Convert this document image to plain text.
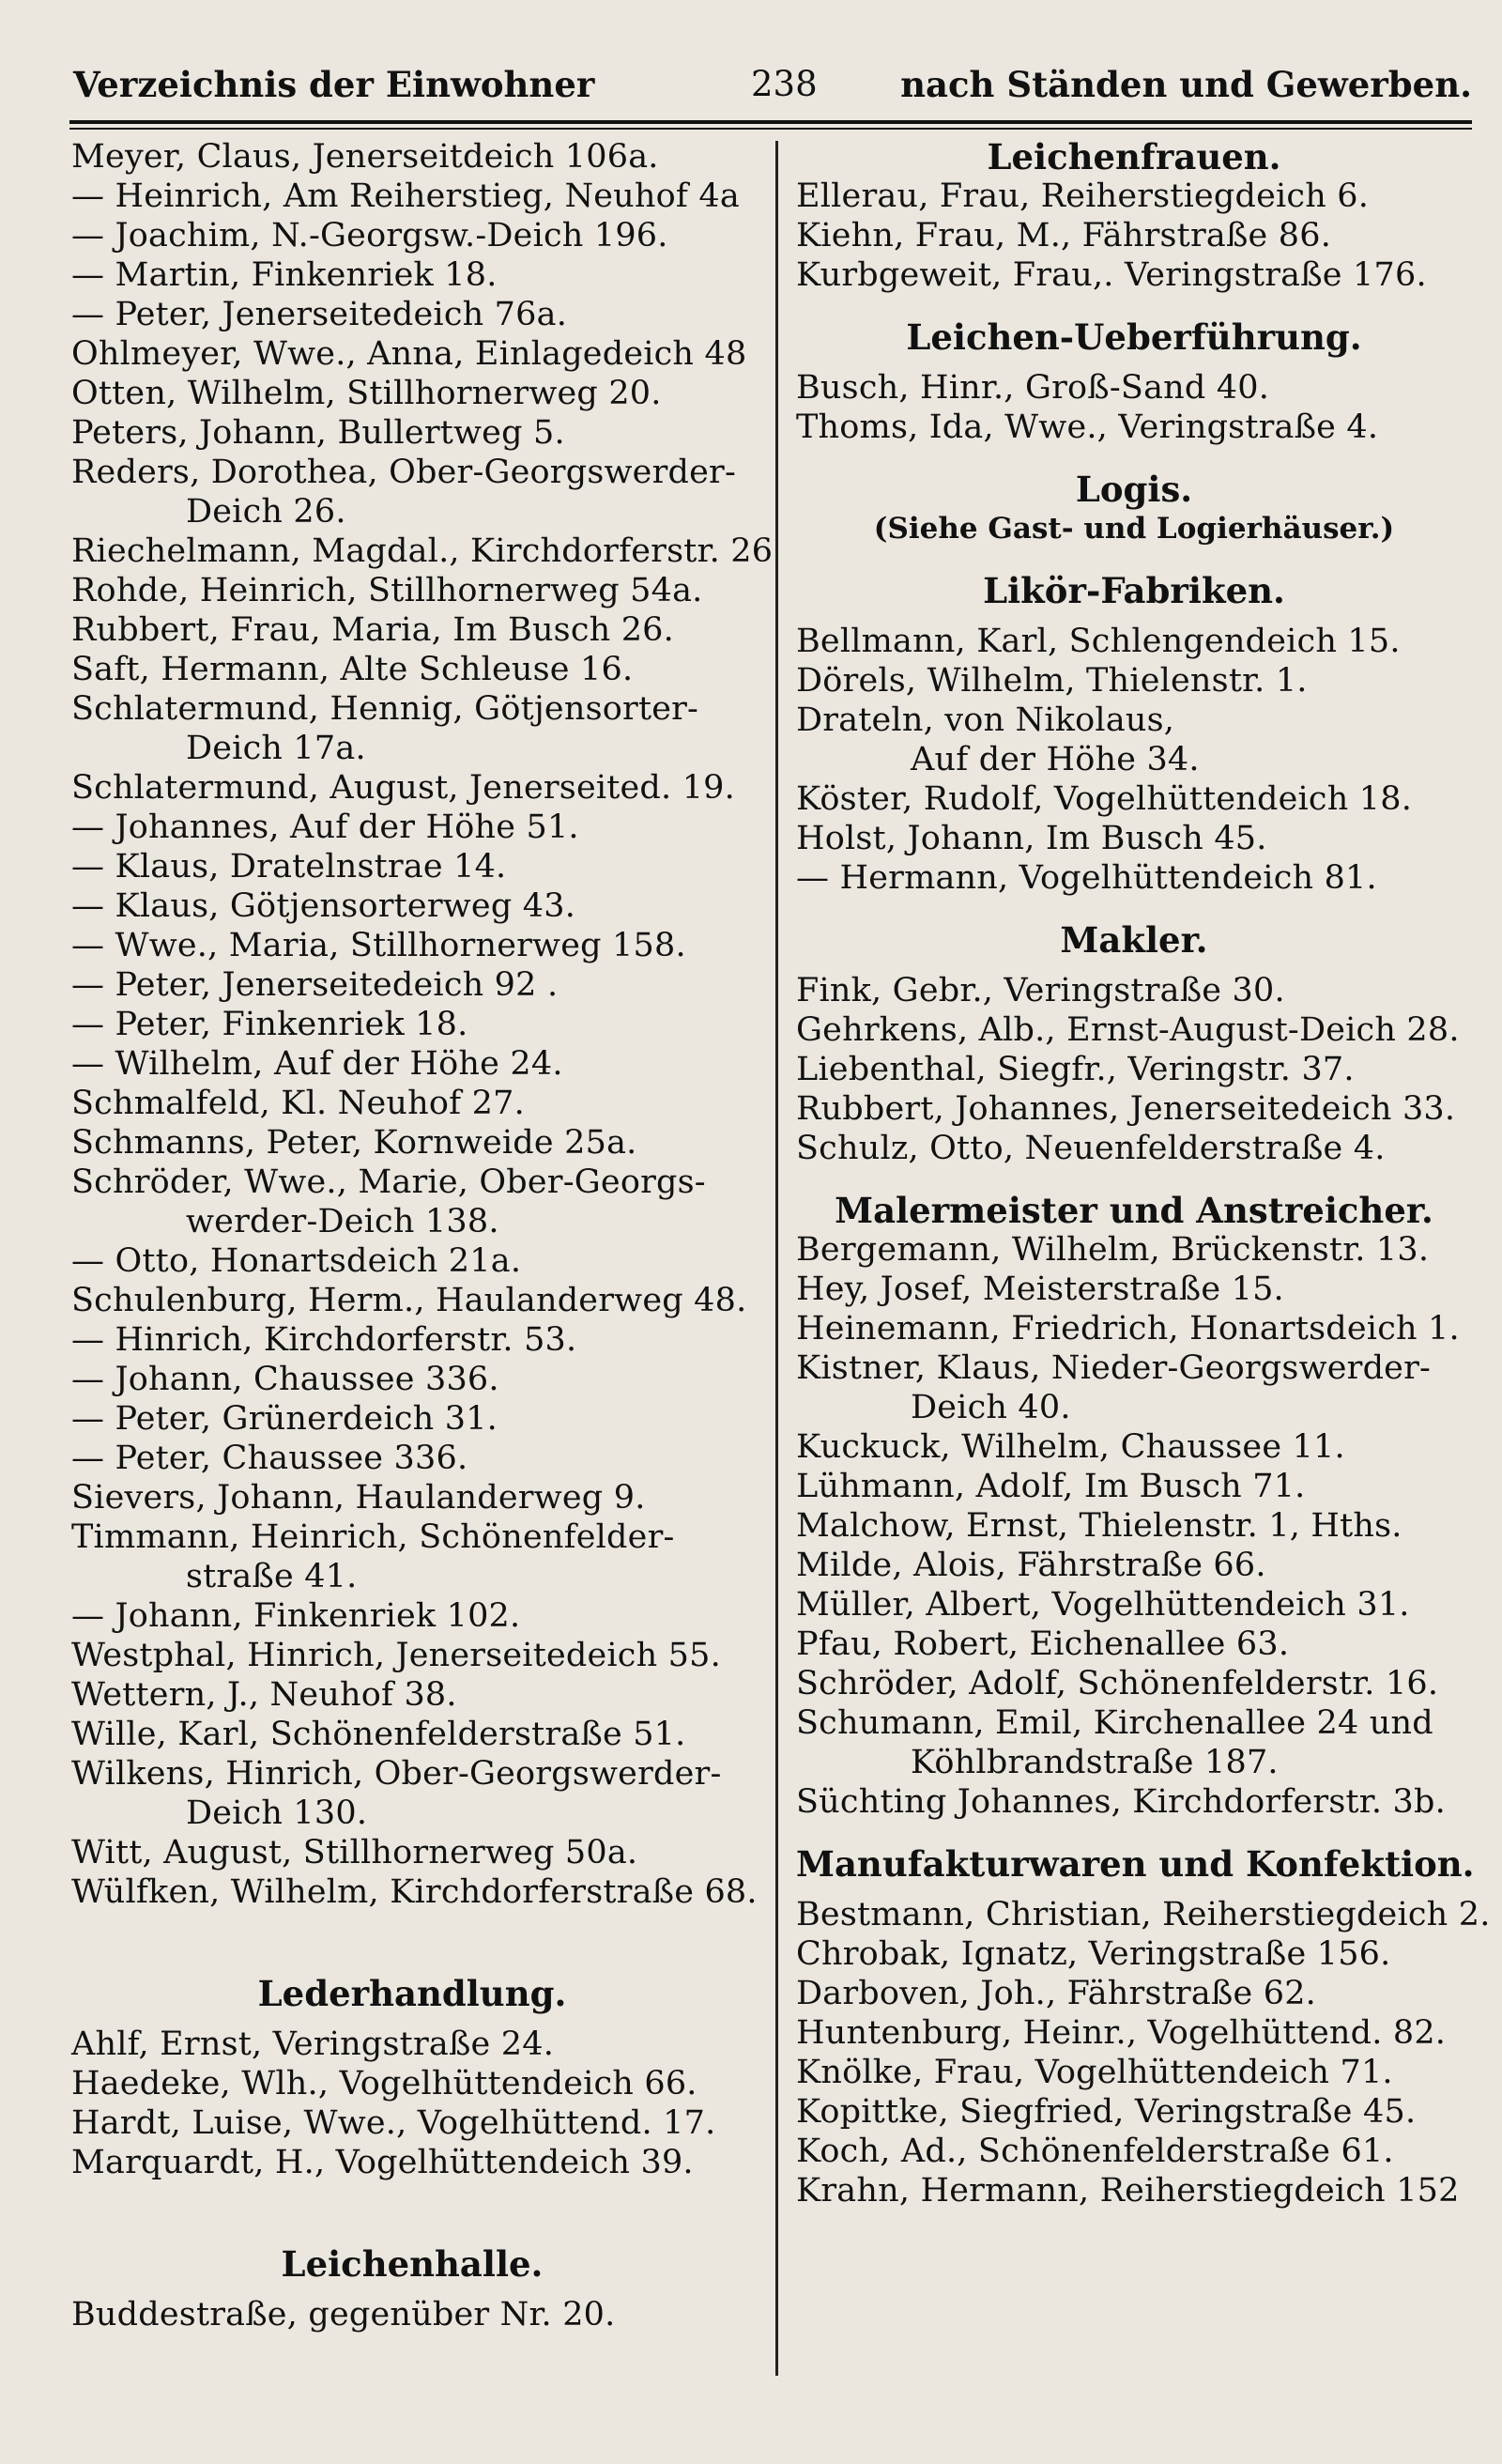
Verzeichnis der Einwohner	238 nach Ständen und Gewerben.
Meyer, Claus, Jenerseitdeich 106a.
— Heinrich, Am Reiherstieg, Neuhof 4a
— Joachim, N.-Georgsw.-Deich 196.
— Martin, Finkenriek 18.
— Peter, Jenerseitedeich 76a.
Ohlmeyer, Wwe., Anna, Einlagedeich 48
Otten, Wilhelm, Stillhornerweg 20.
Peters, Johann, Bullertweg 5.
Reders, Dorothea, Ober-Georgswerder-
Deich 26.
Riechelmann, Magdal., Kirchdorferstr. 26
Rohde, Heinrich, Stillhornerweg 54a.
Rubbert, Frau, Maria, Im Busch 26.
Saft, Hermann, Alte Schleuse 16.
Schlatermund, Hennig, Götjensorter-
Deich 17a.
Schlatermund, August, Jenerseited. 19.
— Johannes, Auf der Höhe 51.
— Klaus, Dratelnstrae 14.
— Klaus, Götjensorterweg 43.
— Wwe., Maria, Stillhornerweg 158.
— Peter, Jenerseitedeich 92 .
— Peter, Finkenriek 18.
— Wilhelm, Auf der Höhe 24.
Schmalfeld, Kl. Neuhof 27.
Schmanns, Peter, Kornweide 25a.
Schröder, Wwe., Marie, Ober-Georgs-
werder-Deich 138.
— Otto, Honartsdeich 21a.
Schulenburg, Herm., Haulanderweg 48.
— Hinrich, Kirchdorferstr. 53.
— Johann, Chaussee 336.
— Peter, Grünerdeich 31.
— Peter, Chaussee 336.
Sievers, Johann, Haulanderweg 9.
Timmann, Heinrich, Schönenfelder-
straße 41.
— Johann, Finkenriek 102.
Westphal, Hinrich, Jenerseitedeich 55.
Wettern, J., Neuhof 38.
Wille, Karl, Schönenfelderstraße 51.
Wilkens, Hinrich, Ober-Georgswerder-
Deich 130.
Witt, August, Stillhornerweg 50a.
Wülfken, Wilhelm, Kirchdorferstraße 68.
Lederhandlung.
Ahlf, Ernst, Veringstraße 24.
Haedeke, Wlh., Vogelhüttendeich 66.
Hardt, Luise, Wwe., Vogelhüttend. 17.
Marquardt, H., Vogelhüttendeich 39.
Leichenhalle.
Buddestraße, gegenüber Nr. 20.
Leichenfrauen.
Ellerau, Frau, Reiherstiegdeich 6.
Kiehn, Frau, M., Fährstraße 86.
Kurbgeweit, Frau,. Veringstraße 176.
Leichen-Ueberführung.
Busch, Hinr., Groß-Sand 40.
Thoms, Ida, Wwe., Veringstraße 4.
Logis.
(Siehe Gast- und Logierhäuser.)
Likör-Fabriken.
Bellmann, Karl, Schlengendeich 15.
Dörels, Wilhelm, Thielenstr. 1.
Drateln, von Nikolaus,
Auf der Höhe 34.
Köster, Rudolf, Vogelhüttendeich 18.
Holst, Johann, Im Busch 45.
— Hermann, Vogelhüttendeich 81.
Makler.
Fink, Gebr., Veringstraße 30.
Gehrkens, Alb., Ernst-August-Deich 28.
Liebenthal, Siegfr., Veringstr. 37.
Rubbert, Johannes, Jenerseitedeich 33.
Schulz, Otto, Neuenfelderstraße 4.
Malermeister und Anstreicher.
Bergemann, Wilhelm, Brückenstr. 13.
Hey, Josef, Meisterstraße 15.
Heinemann, Friedrich, Honartsdeich 1.
Kistner, Klaus, Nieder-Georgswerder-
Deich 40.
Kuckuck, Wilhelm, Chaussee 11.
Lühmann, Adolf, Im Busch 71.
Malchow, Ernst, Thielenstr. 1, Hths.
Milde, Alois, Fährstraße 66.
Müller, Albert, Vogelhüttendeich 31.
Pfau, Robert, Eichenallee 63.
Schröder, Adolf, Schönenfelderstr. 16.
Schumann, Emil, Kirchenallee 24 und
Köhlbrandstraße 187.
Süchting Johannes, Kirchdorferstr. 3b.
Manufakturwaren und Konfektion.
Bestmann, Christian, Reiherstiegdeich 2.
Chrobak, Ignatz, Veringstraße 156.
Darboven, Joh., Fährstraße 62.
Huntenburg, Heinr., Vogelhüttend. 82.
Knölke, Frau, Vogelhüttendeich 71.
Kopittke, Siegfried, Veringstraße 45.
Koch, Ad., Schönenfelderstraße 61.
Krahn, Hermann, Reiherstiegdeich 152
